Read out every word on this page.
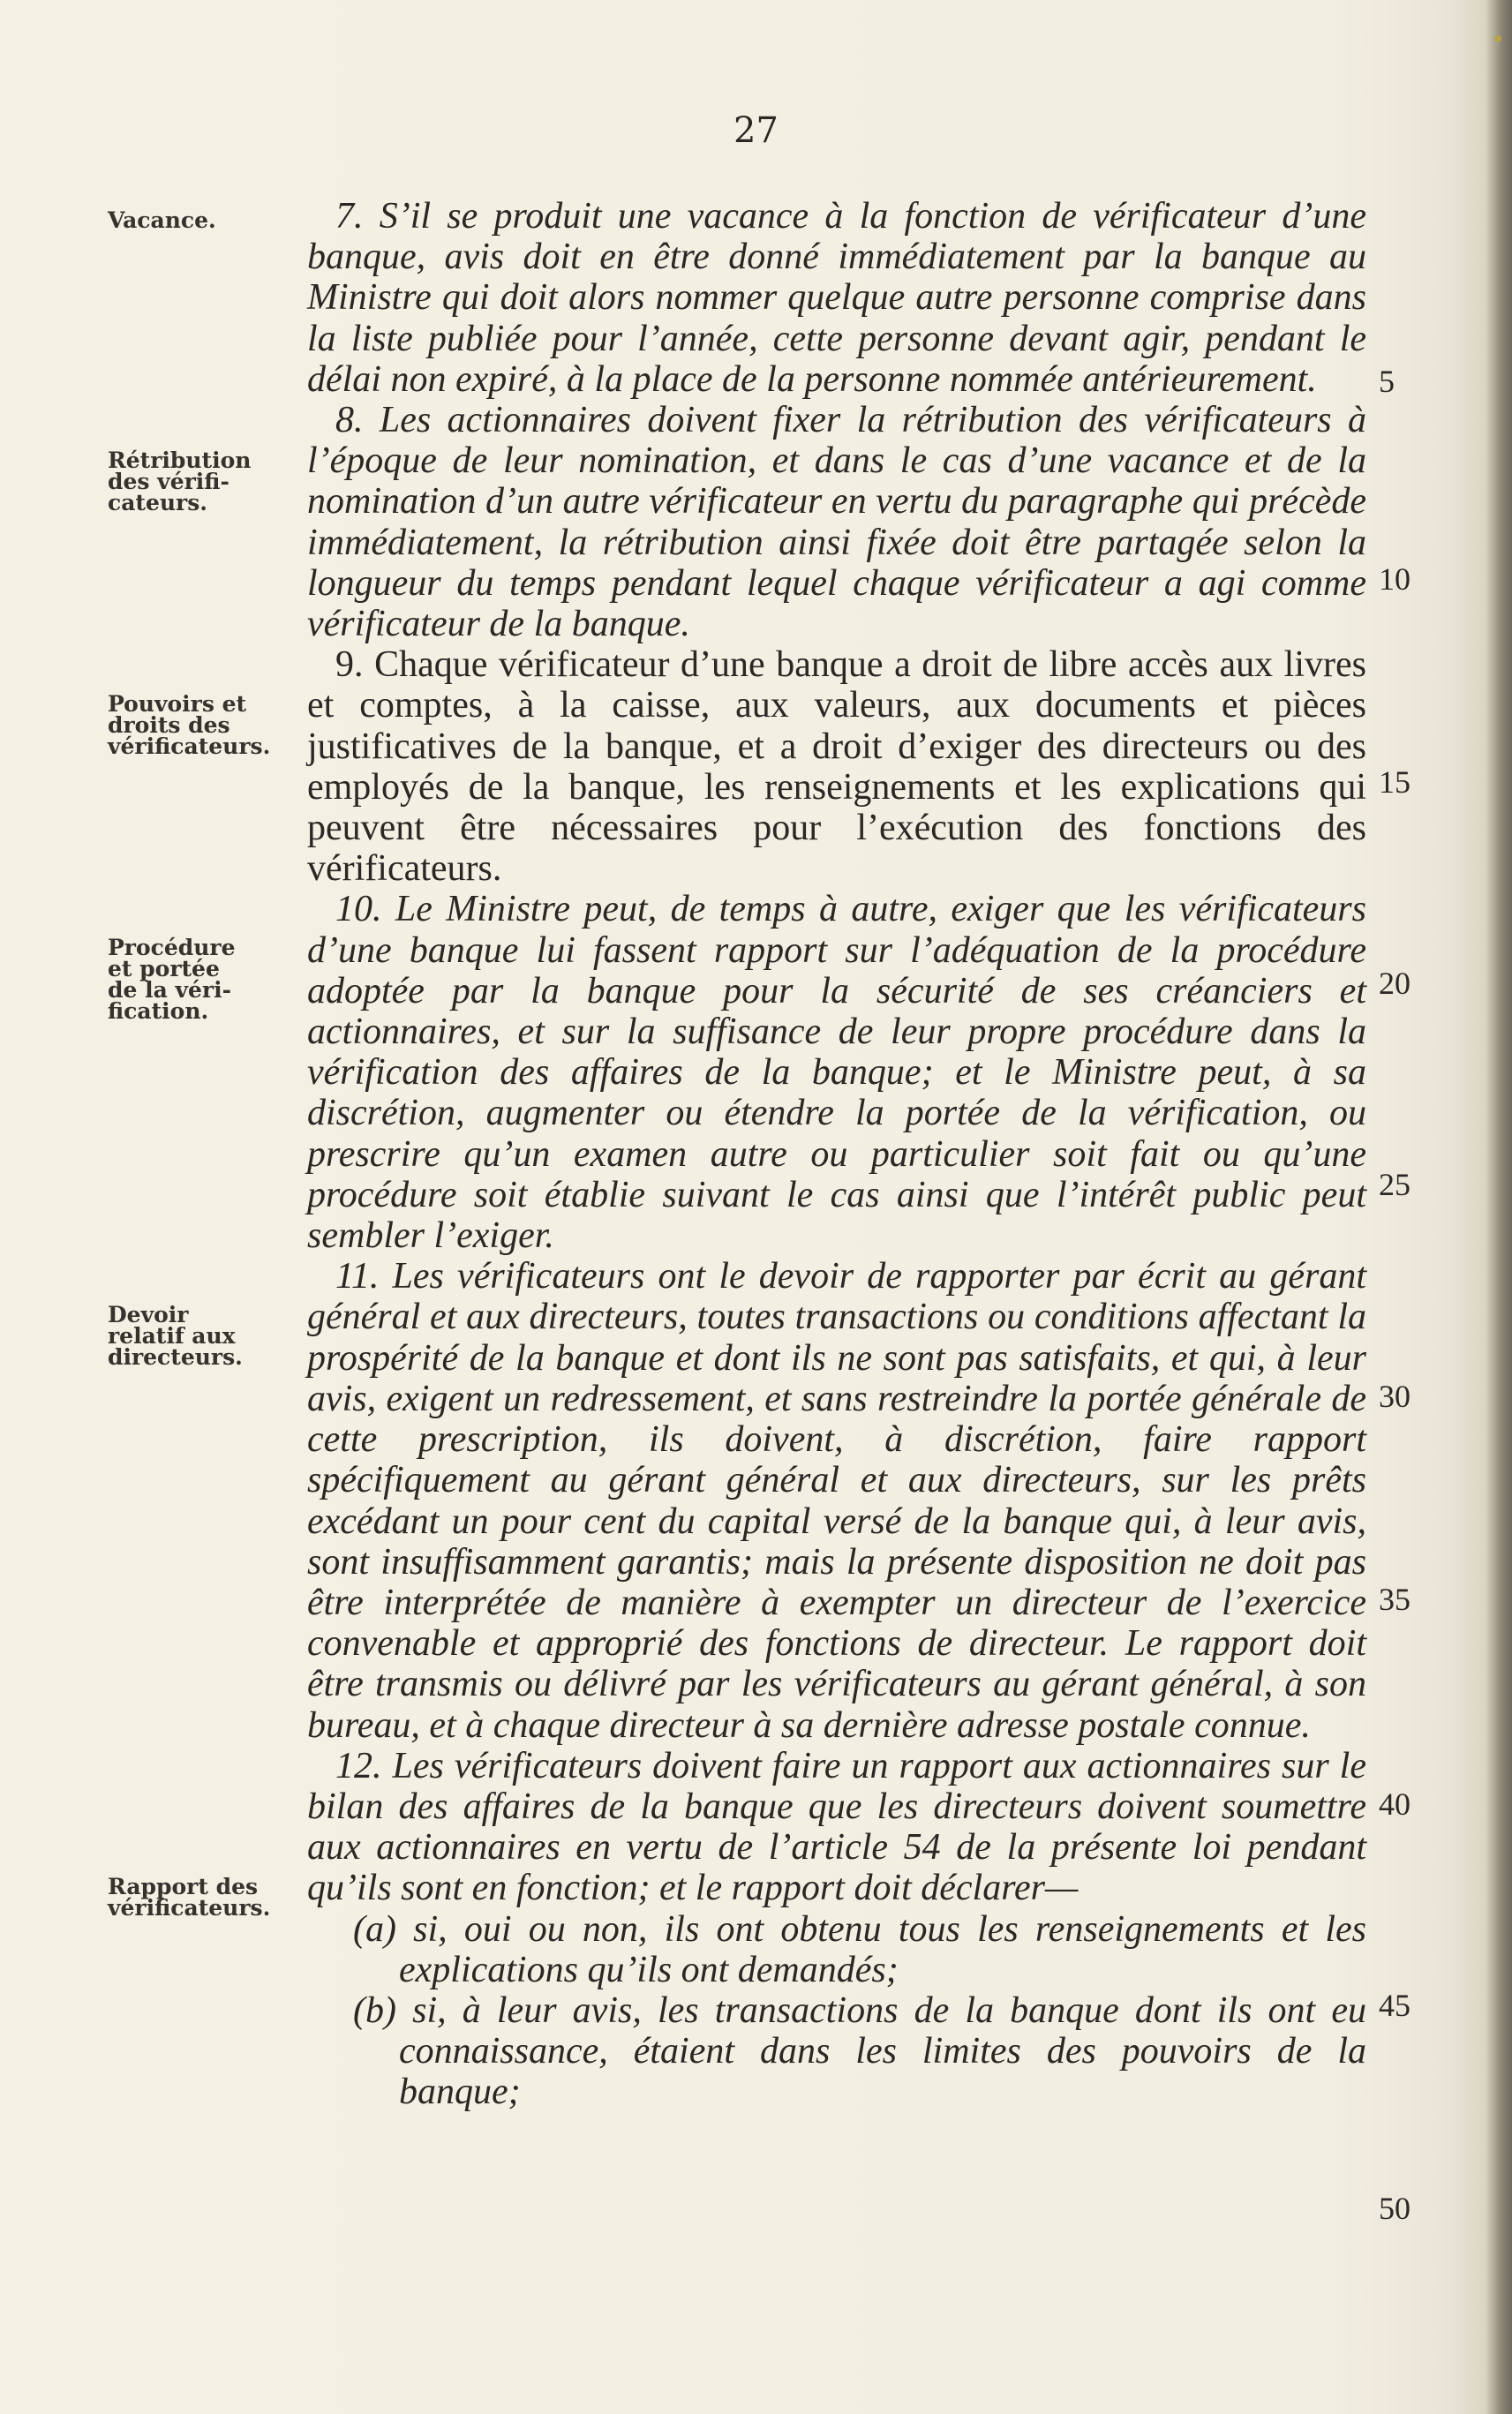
27
Vacance.
Rétribution
des vérifi-
cateurs.
Pouvoirs et
droits des
vérificateurs.
Procédure
et portée
de la véri-
fication.
Devoir
relatif aux
directeurs.
Rapport des
vérificateurs.

7. S’il se produit une vacance à la fonction de vérificateur d’une banque, avis doit en être donné immédiatement par la banque au Ministre qui doit alors nommer quelque autre personne comprise dans la liste publiée pour l’année, cette personne devant agir, pendant le délai non expiré, à la place de la personne nommée antérieurement.

8. Les actionnaires doivent fixer la rétribution des vérificateurs à l’époque de leur nomination, et dans le cas d’une vacance et de la nomination d’un autre vérificateur en vertu du paragraphe qui précède immédiatement, la rétribution ainsi fixée doit être partagée selon la longueur du temps pendant lequel chaque vérificateur a agi comme vérificateur de la banque.

9. Chaque vérificateur d’une banque a droit de libre accès aux livres et comptes, à la caisse, aux valeurs, aux documents et pièces justificatives de la banque, et a droit d’exiger des directeurs ou des employés de la banque, les renseignements et les explications qui peuvent être nécessaires pour l’exécution des fonctions des vérificateurs.

10. Le Ministre peut, de temps à autre, exiger que les vérificateurs d’une banque lui fassent rapport sur l’adéquation de la procédure adoptée par la banque pour la sécurité de ses créanciers et actionnaires, et sur la suffisance de leur propre procédure dans la vérification des affaires de la banque; et le Ministre peut, à sa discrétion, augmenter ou étendre la portée de la vérification, ou prescrire qu’un examen autre ou particulier soit fait ou qu’une procédure soit établie suivant le cas ainsi que l’intérêt public peut sembler l’exiger.

11. Les vérificateurs ont le devoir de rapporter par écrit au gérant général et aux directeurs, toutes transactions ou conditions affectant la prospérité de la banque et dont ils ne sont pas satisfaits, et qui, à leur avis, exigent un redressement, et sans restreindre la portée générale de cette prescription, ils doivent, à discrétion, faire rapport spécifiquement au gérant général et aux directeurs, sur les prêts excédant un pour cent du capital versé de la banque qui, à leur avis, sont insuffisamment garantis; mais la présente disposition ne doit pas être interprétée de manière à exempter un directeur de l’exercice convenable et approprié des fonctions de directeur. Le rapport doit être transmis ou délivré par les vérificateurs au gérant général, à son bureau, et à chaque directeur à sa dernière adresse postale connue.

12. Les vérificateurs doivent faire un rapport aux actionnaires sur le bilan des affaires de la banque que les directeurs doivent soumettre aux actionnaires en vertu de l’article 54 de la présente loi pendant qu’ils sont en fonction; et le rapport doit déclarer—

(a) si, oui ou non, ils ont obtenu tous les renseignements et les explications qu’ils ont demandés;

(b) si, à leur avis, les transactions de la banque dont ils ont eu connaissance, étaient dans les limites des pouvoirs de la banque;

5
10
15
20
25
30
35
40
45
50
